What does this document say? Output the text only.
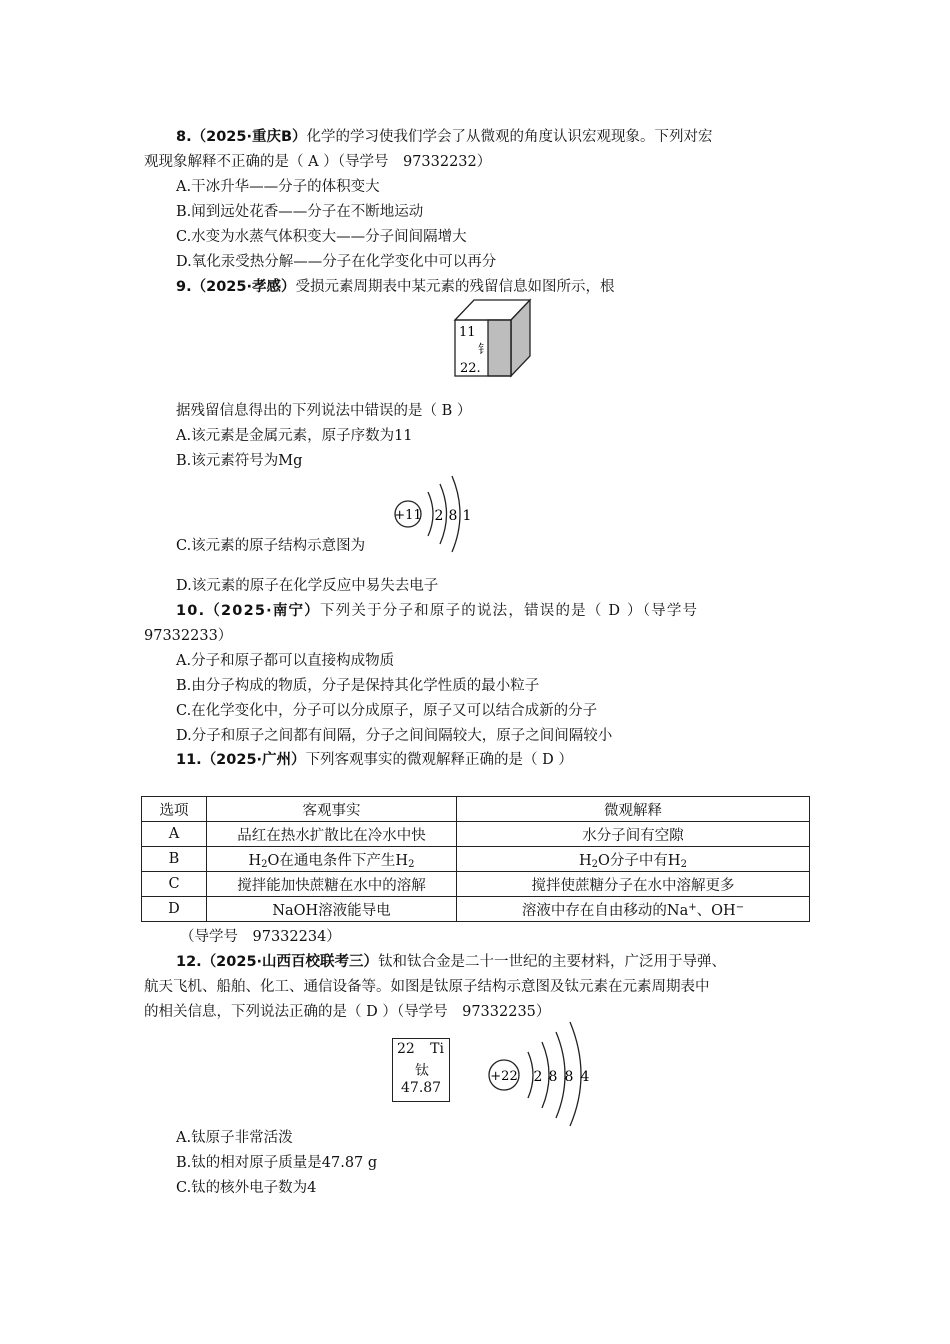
8.（2025·重庆B）化学的学习使我们学会了从微观的角度认识宏观现象。下列对宏
观现象解释不正确的是（ A ）（导学号　97332232）
A.干冰升华——分子的体积变大
B.闻到远处花香——分子在不断地运动
C.水变为水蒸气体积变大——分子间间隔增大
D.氧化汞受热分解——分子在化学变化中可以再分
9.（2025·孝感）受损元素周期表中某元素的残留信息如图所示，根
11
钅
22.
据残留信息得出的下列说法中错误的是（ B ）
A.该元素是金属元素，原子序数为11
B.该元素符号为Mg
+11 2 8 1
C.该元素的原子结构示意图为
D.该元素的原子在化学反应中易失去电子
10.（2025·南宁）下列关于分子和原子的说法，错误的是（ D ）（导学号
97332233）
A.分子和原子都可以直接构成物质
B.由分子构成的物质，分子是保持其化学性质的最小粒子
C.在化学变化中，分子可以分成原子，原子又可以结合成新的分子
D.分子和原子之间都有间隔，分子之间间隔较大，原子之间间隔较小
11.（2025·广州）下列客观事实的微观解释正确的是（ D ）
选项	客观事实	微观解释
A	品红在热水扩散比在冷水中快	水分子间有空隙
B	$H_2O$在通电条件下产生$H_2$	$H_2O$分子中有$H_2$
C	搅拌能加快蔗糖在水中的溶解	搅拌使蔗糖分子在水中溶解更多
D	NaOH溶液能导电	溶液中存在自由移动的Na+、OH−
（导学号　97332234）
12.（2025·山西百校联考三）钛和钛合金是二十一世纪的主要材料，广泛用于导弹、
航天飞机、船舶、化工、通信设备等。如图是钛原子结构示意图及钛元素在元素周期表中
的相关信息，下列说法正确的是（ D ）（导学号　97332235）
22 Ti
钛
47.87
+22 2 8 8 4
A.钛原子非常活泼
B.钛的相对原子质量是47.87 g
C.钛的核外电子数为4
